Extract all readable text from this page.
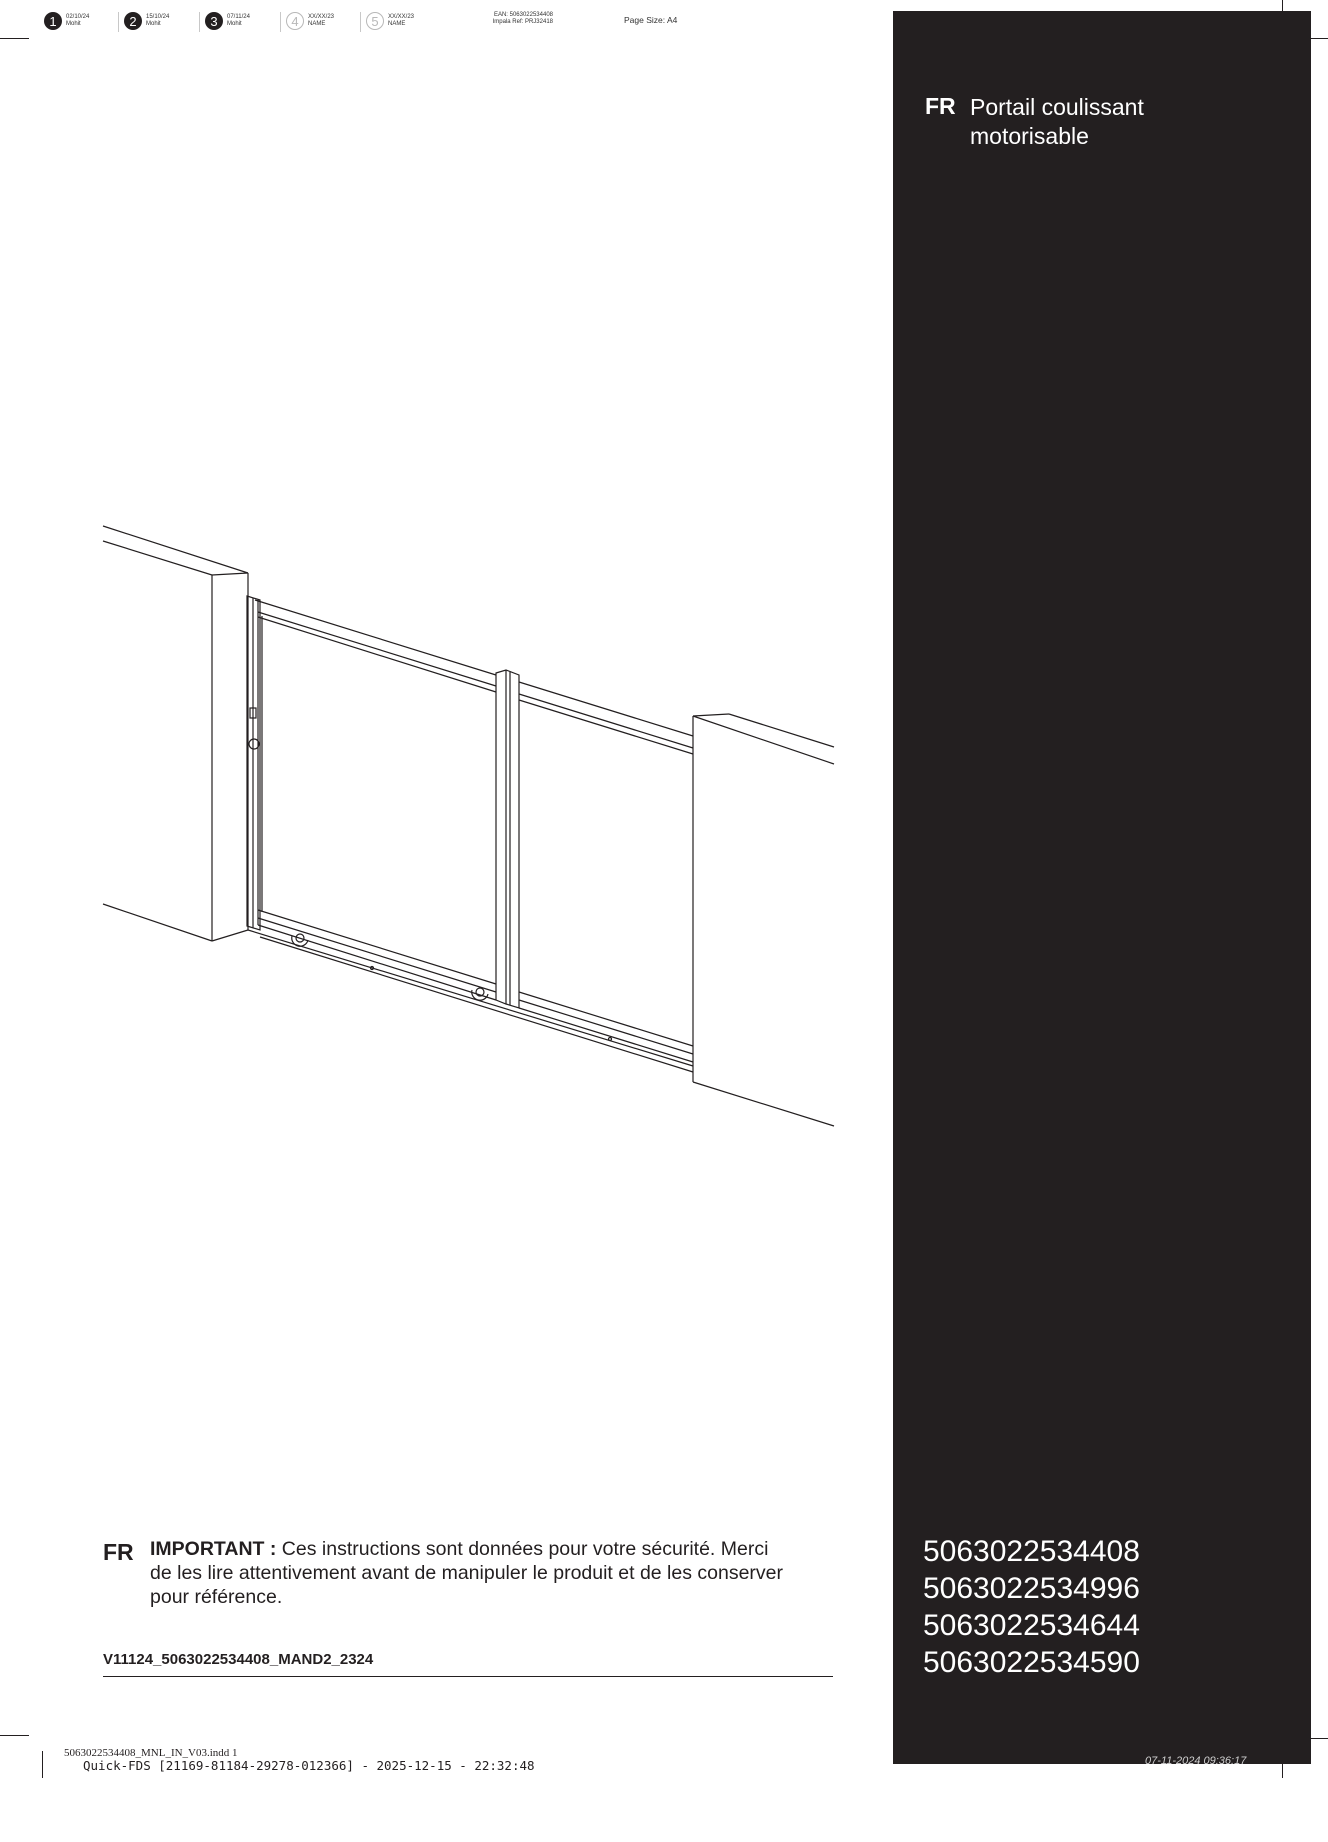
1	02/10/24
Mohit	2	15/10/24
Mohit	3	07/11/24
Mohit	4	XX/XX/23
NAME	5	XX/XX/23
NAME
EAN: 5063022534408
Impala Ref: PRJ32418	Page Size: A4
FR Portail coulissant
motorisable
5063022534408
5063022534996
5063022534644
5063022534590
FR IMPORTANT : Ces instructions sont données pour votre sécurité. Merci
de les lire attentivement avant de manipuler le produit et de les conserver
pour référence.
V11124_5063022534408_MAND2_2324
5063022534408_MNL_IN_V03.indd 1
Quick-FDS [21169-81184-29278-012366] - 2025-12-15 - 22:32:48	07-11-2024 09:36:17
